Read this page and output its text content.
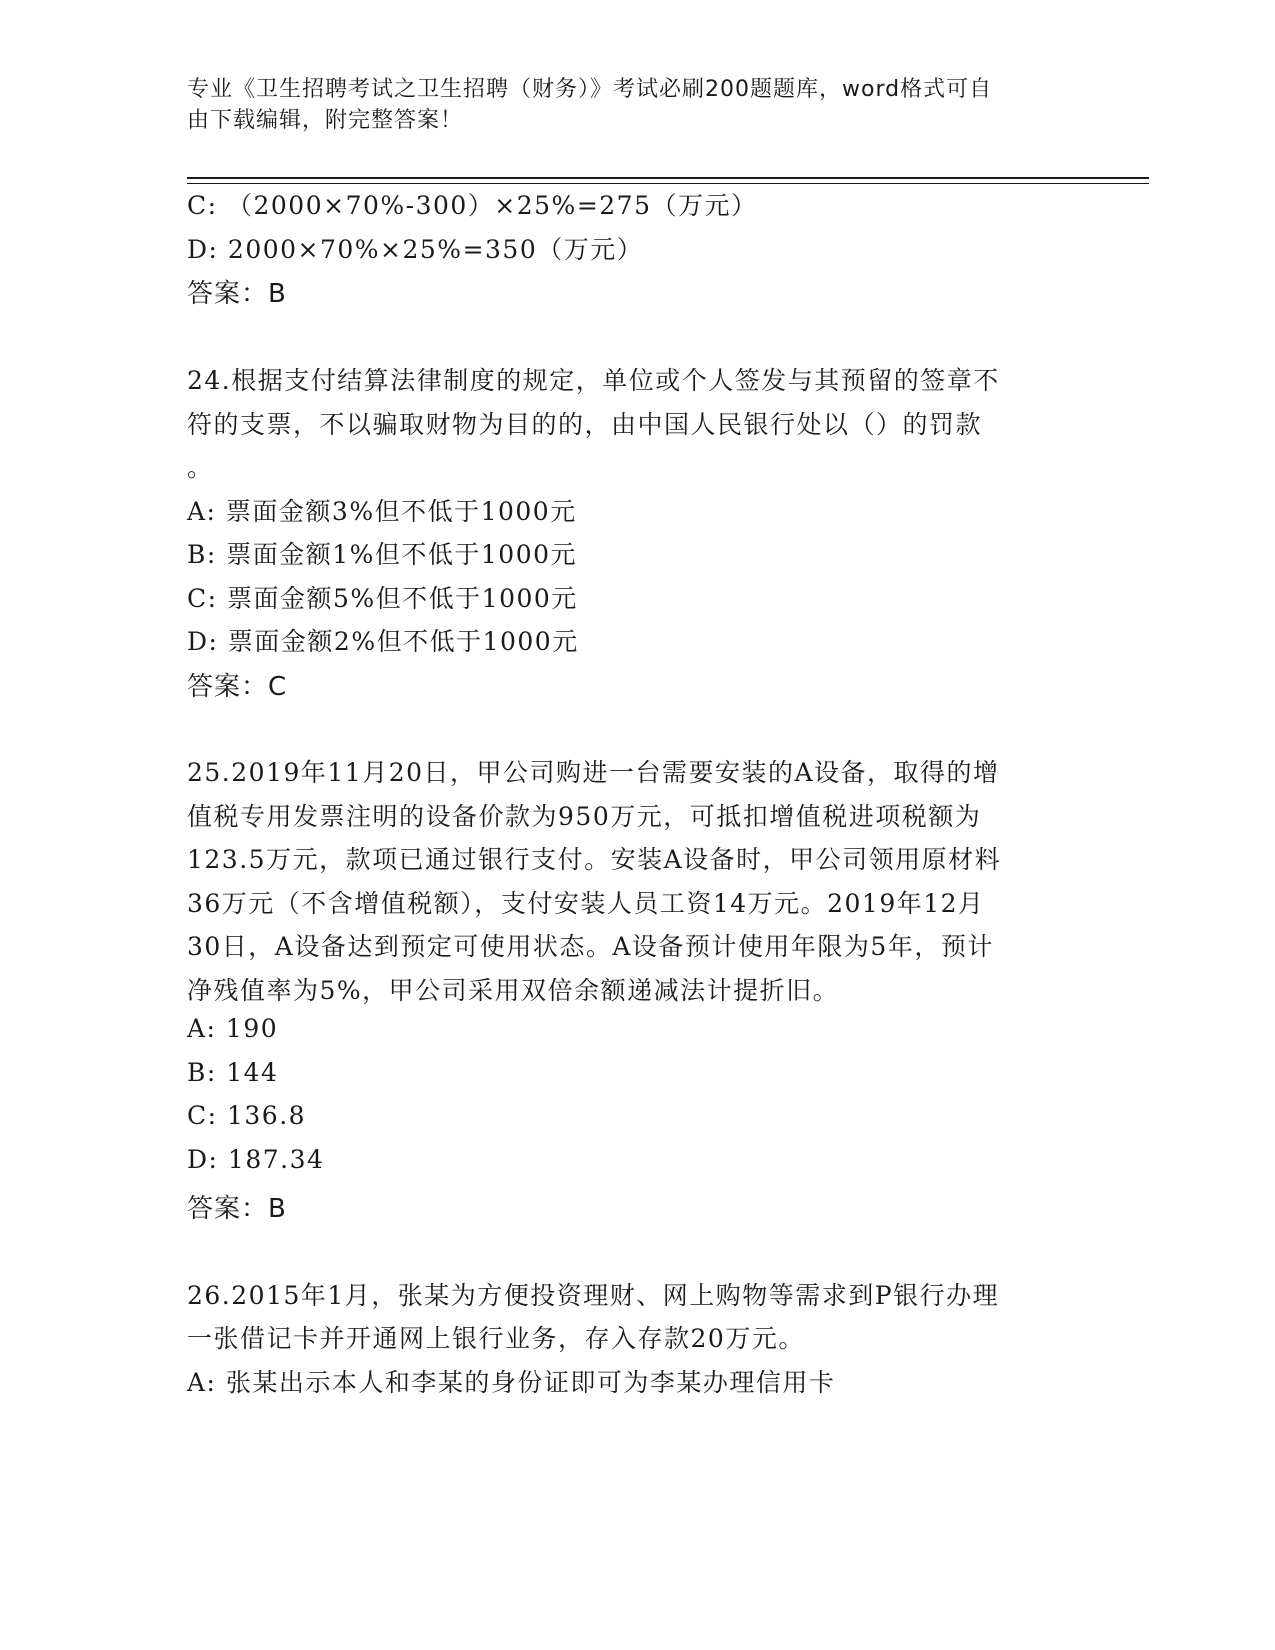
专业《卫生招聘考试之卫生招聘（财务）》考试必刷200题题库，word格式可自
由下载编辑，附完整答案！
C: （2000×70%-300）×25%=275（万元）
D: 2000×70%×25%=350（万元）
答案：B
24.根据支付结算法律制度的规定，单位或个人签发与其预留的签章不
符的支票，不以骗取财物为目的的，由中国人民银行处以（）的罚款
。
A: 票面金额3%但不低于1000元
B: 票面金额1%但不低于1000元
C: 票面金额5%但不低于1000元
D: 票面金额2%但不低于1000元
答案：C
25.2019年11月20日，甲公司购进一台需要安装的A设备，取得的增
值税专用发票注明的设备价款为950万元，可抵扣增值税进项税额为
123.5万元，款项已通过银行支付。安装A设备时，甲公司领用原材料
36万元（不含增值税额），支付安装人员工资14万元。2019年12月
30日，A设备达到预定可使用状态。A设备预计使用年限为5年，预计
净残值率为5%，甲公司采用双倍余额递减法计提折旧。
A: 190
B: 144
C: 136.8
D: 187.34
答案：B
26.2015年1月，张某为方便投资理财、网上购物等需求到P银行办理
一张借记卡并开通网上银行业务，存入存款20万元。
A: 张某出示本人和李某的身份证即可为李某办理信用卡
